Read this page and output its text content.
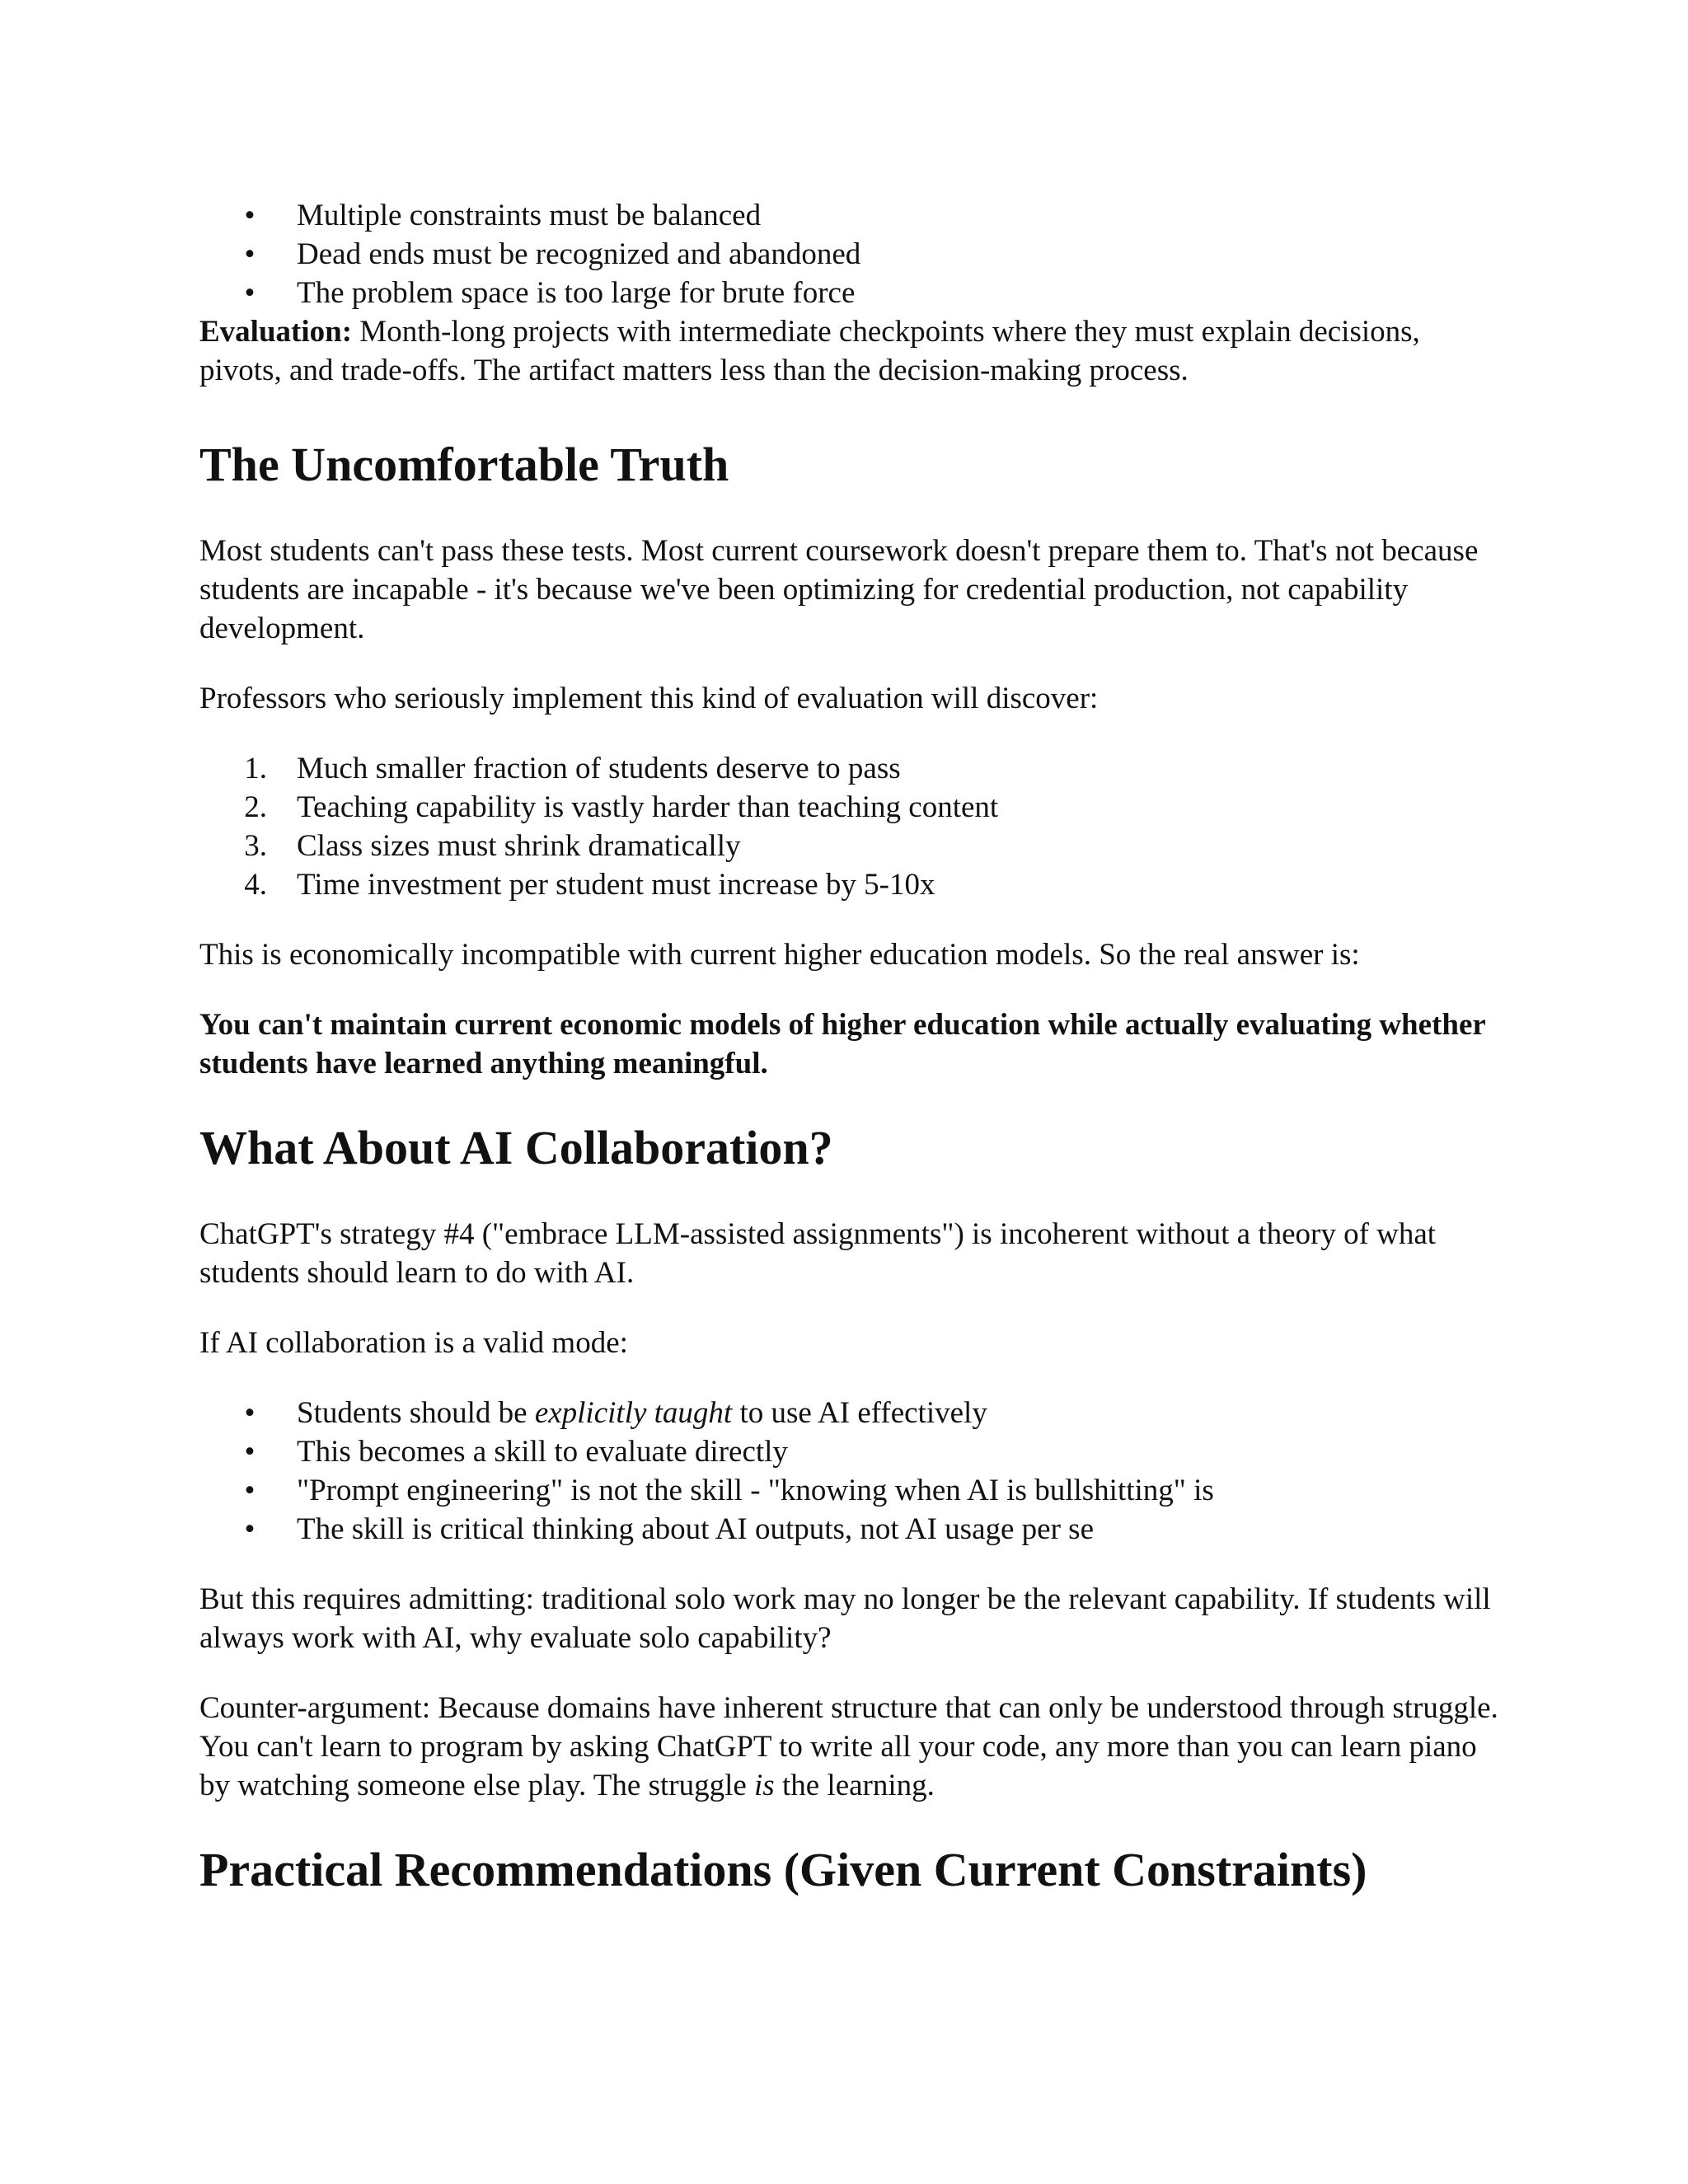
• Multiple constraints must be balanced
• Dead ends must be recognized and abandoned
• The problem space is too large for brute force

Evaluation: Month-long projects with intermediate checkpoints where they must explain decisions, pivots, and trade-offs. The artifact matters less than the decision-making process.

The Uncomfortable Truth

Most students can't pass these tests. Most current coursework doesn't prepare them to. That's not because students are incapable - it's because we've been optimizing for credential production, not capability development.

Professors who seriously implement this kind of evaluation will discover:

1. Much smaller fraction of students deserve to pass
2. Teaching capability is vastly harder than teaching content
3. Class sizes must shrink dramatically
4. Time investment per student must increase by 5-10x

This is economically incompatible with current higher education models. So the real answer is:

You can't maintain current economic models of higher education while actually evaluating whether students have learned anything meaningful.

What About AI Collaboration?

ChatGPT's strategy #4 ("embrace LLM-assisted assignments") is incoherent without a theory of what students should learn to do with AI.

If AI collaboration is a valid mode:

• Students should be explicitly taught to use AI effectively
• This becomes a skill to evaluate directly
• "Prompt engineering" is not the skill - "knowing when AI is bullshitting" is
• The skill is critical thinking about AI outputs, not AI usage per se

But this requires admitting: traditional solo work may no longer be the relevant capability. If students will always work with AI, why evaluate solo capability?

Counter-argument: Because domains have inherent structure that can only be understood through struggle. You can't learn to program by asking ChatGPT to write all your code, any more than you can learn piano by watching someone else play. The struggle is the learning.

Practical Recommendations (Given Current Constraints)
